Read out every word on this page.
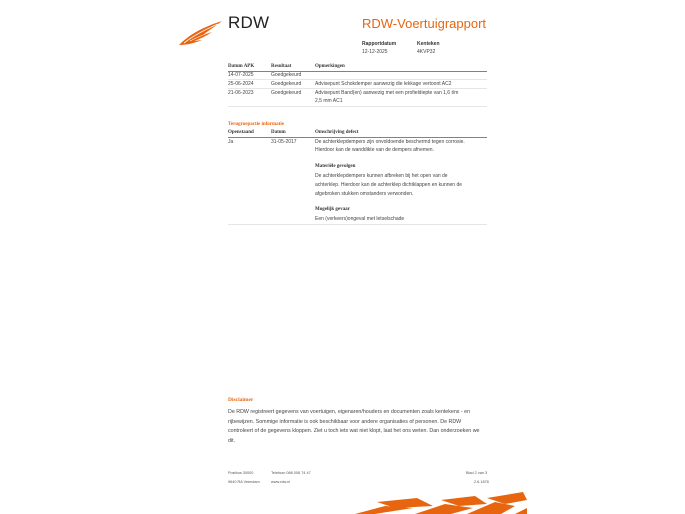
RDW	RDW-Voertuigrapport
Rapportdatum	Kenteken
12-12-2025	4KVP32
Datum APK	Resultaat	Opmerkingen
14-07-2025	Goedgekeurd
25-06-2024	Goedgekeurd	Advisepunt Schokdemper aanwezig die lekkage vertoont AC2
21-06-2023	Goedgekeurd	Advisepunt Band(en) aanwezig met een profieldiepte van 1,6 t/m
2,5 mm AC1
Terugroepactie informatie
Openstaand	Datum	Omschrijving defect
Ja	31-05-2017	De achterklepdempers zijn onvoldoende beschermd tegen corrosie.
Hierdoor kan de wanddikte van de dempers afnemen.
Materiële gevolgen
De achterklepdempers kunnen afbreken bij het open van de
achterklep. Hierdoor kan de achterklep dichtklappen en kunnen de
afgebroken stukken omstanders verwonden.
Mogelijk gevaar
Een (verkeers)ongeval met letselschade
Disclaimer
De RDW registreert gegevens van voertuigen, eigenaren/houders en documenten zoals kentekens - en rijbewijzen. Sommige informatie is ook beschikbaar voor andere organisaties of personen. De RDW controleert of de gegevens kloppen. Ziet u toch iets wat niet klopt, laat het ons weten. Dan onderzoeken we dit.
Postbus 30000
9640 RA Veendam
Telefoon 088 008 74 47
www.rdw.nl
Blad 2 van 3
2.6.1878
